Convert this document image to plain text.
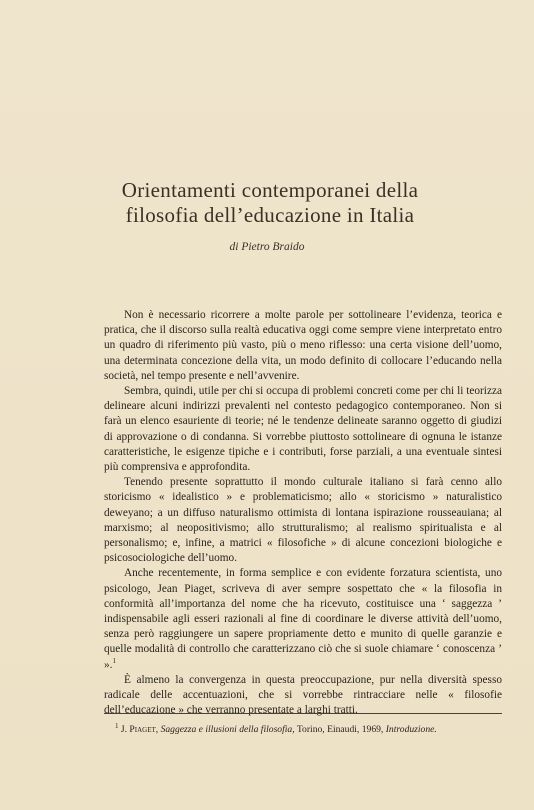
Orientamenti contemporanei della
filosofia dell’educazione in Italia
di Pietro Braido

Non è necessario ricorrere a molte parole per sottolineare l’evidenza, teorica e pratica, che il discorso sulla realtà educativa oggi come sempre viene interpretato entro un quadro di riferimento più vasto, più o meno riflesso: una certa visione dell’uomo, una determinata concezione della vita, un modo definito di collocare l’educando nella società, nel tempo presente e nell’avvenire.

Sembra, quindi, utile per chi si occupa di problemi concreti come per chi li teorizza delineare alcuni indirizzi prevalenti nel contesto pedagogico contemporaneo. Non si farà un elenco esauriente di teorie; né le tendenze delineate saranno oggetto di giudizi di approvazione o di condanna. Si vorrebbe piuttosto sottolineare di ognuna le istanze caratteristiche, le esigenze tipiche e i contributi, forse parziali, a una eventuale sintesi più comprensiva e approfondita.

Tenendo presente soprattutto il mondo culturale italiano si farà cenno allo storicismo « idealistico » e problematicismo; allo « storicismo » naturalistico deweyano; a un diffuso naturalismo ottimista di lontana ispirazione rousseauiana; al marxismo; al neopositivismo; allo strutturalismo; al realismo spiritualista e al personalismo; e, infine, a matrici « filosofiche » di alcune concezioni biologiche e psicosociologiche dell’uomo.

Anche recentemente, in forma semplice e con evidente forzatura scientista, uno psicologo, Jean Piaget, scriveva di aver sempre sospettato che « la filosofia in conformità all’importanza del nome che ha ricevuto, costituisce una ‘ saggezza ’ indispensabile agli esseri razionali al fine di coordinare le diverse attività dell’uomo, senza però raggiungere un sapere propriamente detto e munito di quelle garanzie e quelle modalità di controllo che caratterizzano ciò che si suole chiamare ‘ conoscenza ’ ».$^1$

È almeno la convergenza in questa preoccupazione, pur nella diversità spesso radicale delle accentuazioni, che si vorrebbe rintracciare nelle « filosofie dell’educazione » che verranno presentate a larghi tratti.

$^1$ J. Piaget, Saggezza e illusioni della filosofia, Torino, Einaudi, 1969, Introduzione.
